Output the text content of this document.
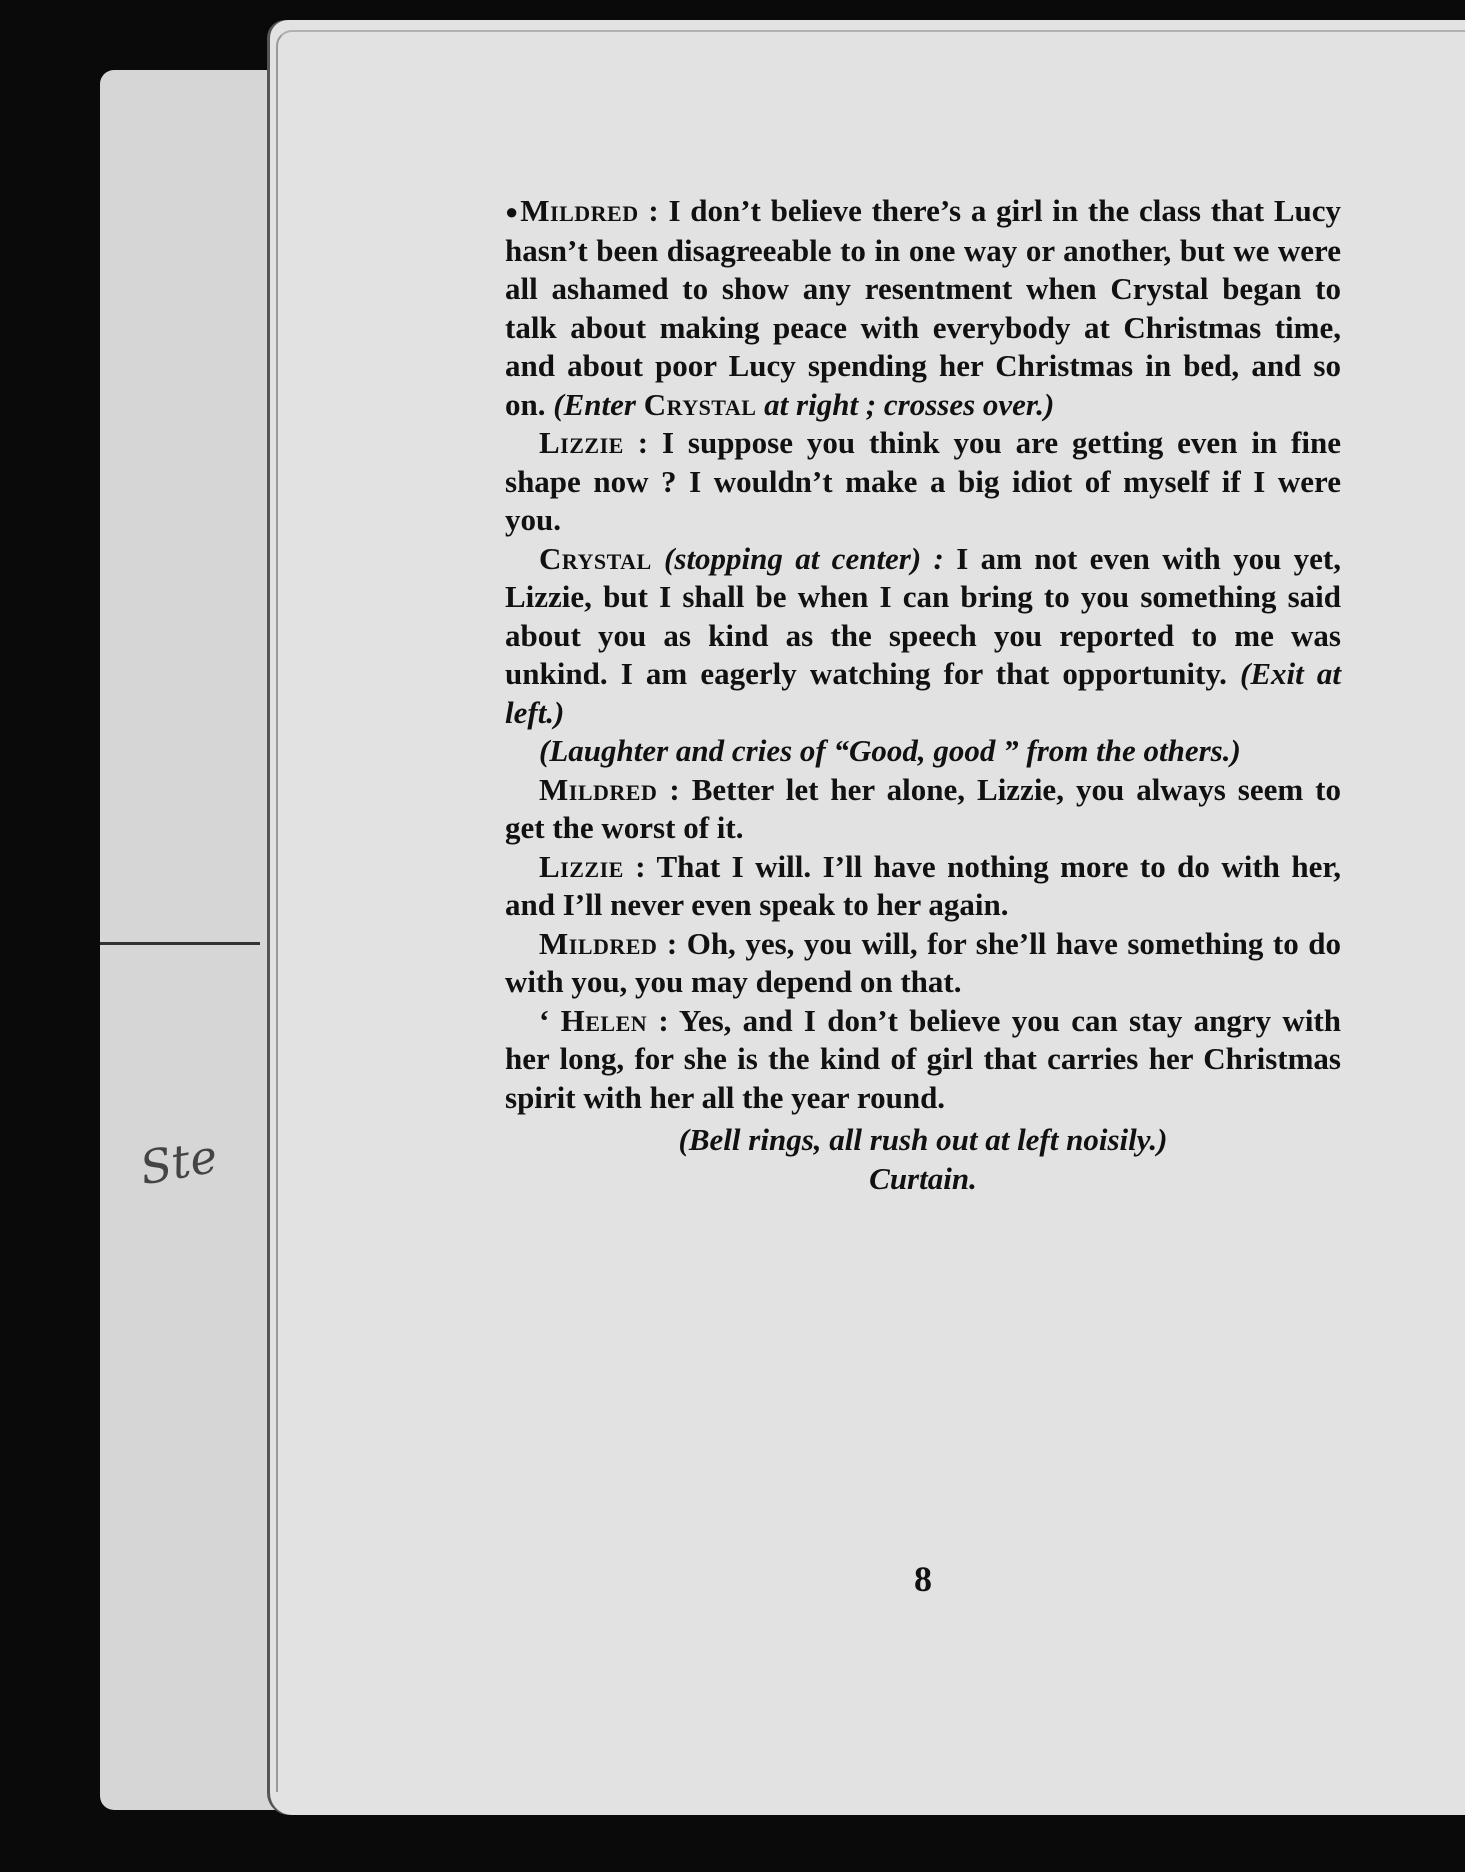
Ste

●Mildred : I don’t believe there’s a girl in the class that Lucy hasn’t been disagreeable to in one way or another, but we were all ashamed to show any resentment when Crystal began to talk about making peace with everybody at Christmas time, and about poor Lucy spending her Christmas in bed, and so on. (Enter Crystal at right ; crosses over.)

Lizzie : I suppose you think you are getting even in fine shape now ? I wouldn’t make a big idiot of myself if I were you.

Crystal (stopping at center) : I am not even with you yet, Lizzie, but I shall be when I can bring to you something said about you as kind as the speech you reported to me was unkind. I am eagerly watching for that opportunity. (Exit at left.)

(Laughter and cries of “Good, good ” from the others.)

Mildred : Better let her alone, Lizzie, you always seem to get the worst of it.

Lizzie : That I will. I’ll have nothing more to do with her, and I’ll never even speak to her again.

Mildred : Oh, yes, you will, for she’ll have something to do with you, you may depend on that.

‘ Helen : Yes, and I don’t believe you can stay angry with her long, for she is the kind of girl that carries her Christmas spirit with her all the year round.

(Bell rings, all rush out at left noisily.)

Curtain.

8
